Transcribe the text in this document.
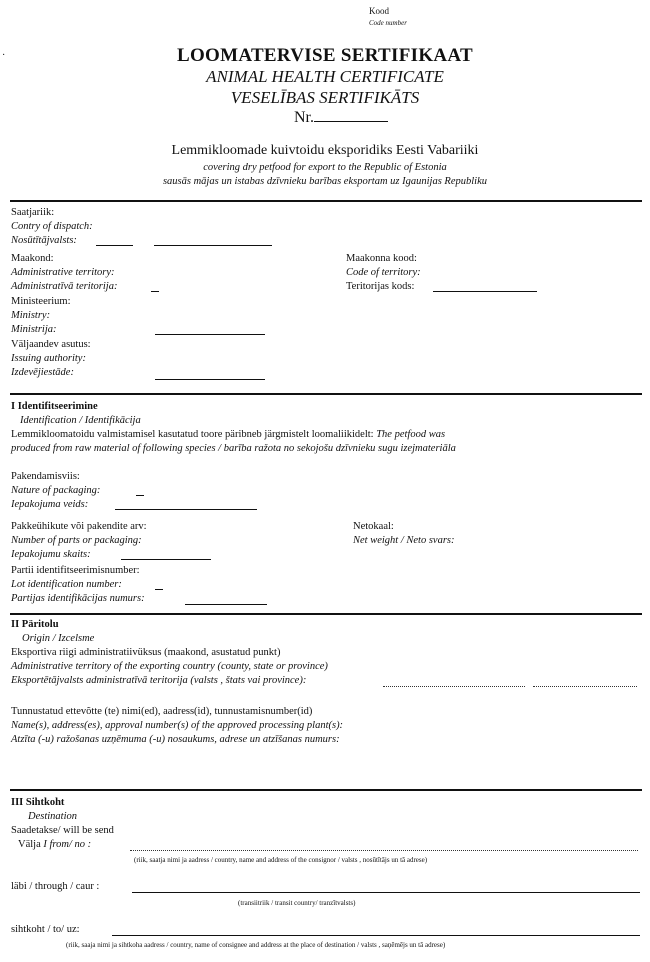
Kood
Code number
·	LOOMATERVISE SERTIFIKAAT
ANIMAL HEALTH CERTIFICATE
VESELĪBAS SERTIFIKĀTS
Nr.
Lemmikloomade kuivtoidu eksporidiks Eesti Vabariiki
covering dry petfood for export to the Republic of Estonia
sausās mājas un istabas dzīvnieku barības eksportam uz Igaunijas Republiku
Saatjariik:
Contry of dispatch:
Nosūtītājvalsts:
Maakond:
Administrative territory:
Administratīvā teritorija:
Maakonna kood:
Code of territory:
Teritorijas kods:
Ministeerium:
Ministry:
Ministrija:
Väljaandev asutus:
Issuing authority:
Izdevējiestāde:
I Identifitseerimine
Identification / Identifikācija
Lemmikloomatoidu valmistamisel kasutatud toore päribneb järgmistelt loomaliikidelt: The petfood was
produced from raw material of following species / barība ražota no sekojošu dzīvnieku sugu izejmateriāla
Pakendamisviis:
Nature of packaging:
Iepakojuma veids:
Pakkeühikute või pakendite arv:
Number of parts or packaging:
Iepakojumu skaits:
Netokaal:
Net weight / Neto svars:
Partii identifitseerimisnumber:
Lot identification number:
Partijas identifikācijas numurs:
II Päritolu
Origin / Izcelsme
Eksportiva riigi administratiivüksus (maakond, asustatud punkt)
Administrative territory of the exporting country (county, state or province)
Eksportētājvalsts administratīvā teritorija (valsts , štats vai province):
Tunnustatud ettevõtte (te) nimi(ed), aadress(id), tunnustamisnumber(id)
Name(s), address(es), approval number(s) of the approved processing plant(s):
Atzīta (-u) ražošanas uzņēmuma (-u) nosaukums, adrese un atzīšanas numurs:
III Sihtkoht
Destination
Saadetakse/ will be send
Välja I from/ no :
(riik, saatja nimi ja aadress / country, name and address of the consignor / valsts , nosūtītājs un tā adrese)
läbi / through / caur :
(transiitriik / transit country/ tranzītvalsts)
sihtkoht / to/ uz:
(riik, saaja nimi ja sihtkoha aadress / country, name of consignee and address at the place of destination / valsts , saņēmējs un tā adrese)
